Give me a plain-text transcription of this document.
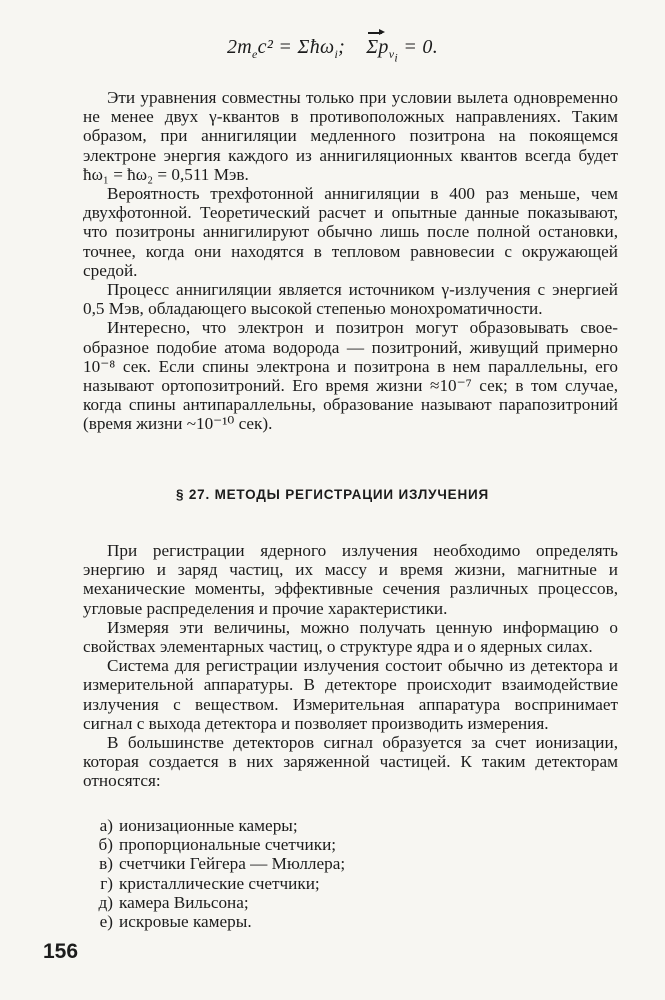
$2m_ec^2$ = Σħω$_i$; $\Sigma p_{\nu_i} = 0$.

Эти уравнения совместны только при условии вылета одновременно не менее двух γ-квантов в противоположных направлениях. Таким образом, при аннигиляции медленного позитрона на покоящемся электроне энергия каждого из аннигиляционных квантов всегда будет ħω₁ = ħω₂ = 0,511 Мэв.

Вероятность трехфотонной аннигиляции в 400 раз меньше, чем двухфотонной. Теоретический расчет и опытные данные показывают, что позитроны аннигилируют обычно лишь после полной остановки, точнее, когда они находятся в тепловом равновесии с окружающей средой.

Процесс аннигиляции является источником γ-излучения с энергией 0,5 Мэв, обладающего высокой степенью монохроматичности.

Интересно, что электрон и позитрон могут образовывать своеобразное подобие атома водорода — позитроний, живущий примерно 10⁻⁸ сек. Если спины электрона и позитрона в нем параллельны, его называют ортопозитроний. Его время жизни ≈10⁻⁷ сек; в том случае, когда спины антипараллельны, образование называют парапозитроний (время жизни ~10⁻¹⁰ сек).

§ 27. МЕТОДЫ РЕГИСТРАЦИИ ИЗЛУЧЕНИЯ

При регистрации ядерного излучения необходимо определять энергию и заряд частиц, их массу и время жизни, магнитные и механические моменты, эффективные сечения различных процессов, угловые распределения и прочие характеристики.

Измеряя эти величины, можно получать ценную информацию о свойствах элементарных частиц, о структуре ядра и о ядерных силах.

Система для регистрации излучения состоит обычно из детектора и измерительной аппаратуры. В детекторе происходит взаимодействие излучения с веществом. Измерительная аппаратура воспринимает сигнал с выхода детектора и позволяет производить измерения.

В большинстве детекторов сигнал образуется за счет ионизации, которая создается в них заряженной частицей. К таким детекторам относятся:

а) ионизационные камеры;
б) пропорциональные счетчики;
в) счетчики Гейгера — Мюллера;
г) кристаллические счетчики;
д) камера Вильсона;
е) искровые камеры.
156
